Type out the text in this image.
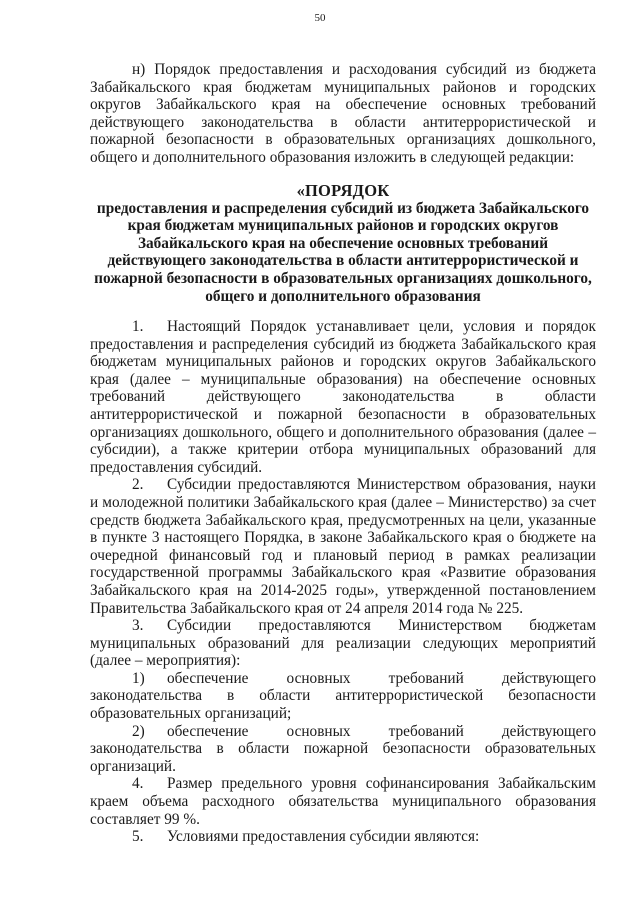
50

н) Порядок предоставления и расходования субсидий из бюджета Забайкальского края бюджетам муниципальных районов и городских округов Забайкальского края на обеспечение основных требований действующего законодательства в области антитеррористической и пожарной безопасности в образовательных организациях дошкольного, общего и дополнительного образования изложить в следующей редакции:

«ПОРЯДОК
предоставления и распределения субсидий из бюджета Забайкальского края бюджетам муниципальных районов и городских округов Забайкальского края на обеспечение основных требований действующего законодательства в области антитеррористической и пожарной безопасности в образовательных организациях дошкольного, общего и дополнительного образования

1. Настоящий Порядок устанавливает цели, условия и порядок предоставления и распределения субсидий из бюджета Забайкальского края бюджетам муниципальных районов и городских округов Забайкальского края (далее – муниципальные образования) на обеспечение основных требований действующего законодательства в области антитеррористической и пожарной безопасности в образовательных организациях дошкольного, общего и дополнительного образования (далее – субсидии), а также критерии отбора муниципальных образований для предоставления субсидий.

2. Субсидии предоставляются Министерством образования, науки и молодежной политики Забайкальского края (далее – Министерство) за счет средств бюджета Забайкальского края, предусмотренных на цели, указанные в пункте 3 настоящего Порядка, в законе Забайкальского края о бюджете на очередной финансовый год и плановый период в рамках реализации государственной программы Забайкальского края «Развитие образования Забайкальского края на 2014-2025 годы», утвержденной постановлением Правительства Забайкальского края от 24 апреля 2014 года № 225.

3. Субсидии предоставляются Министерством бюджетам муниципальных образований для реализации следующих мероприятий (далее – мероприятия):

1) обеспечение основных требований действующего законодательства в области антитеррористической безопасности образовательных организаций;

2) обеспечение основных требований действующего законодательства в области пожарной безопасности образовательных организаций.

4. Размер предельного уровня софинансирования Забайкальским краем объема расходного обязательства муниципального образования составляет 99 %.

5. Условиями предоставления субсидии являются:
